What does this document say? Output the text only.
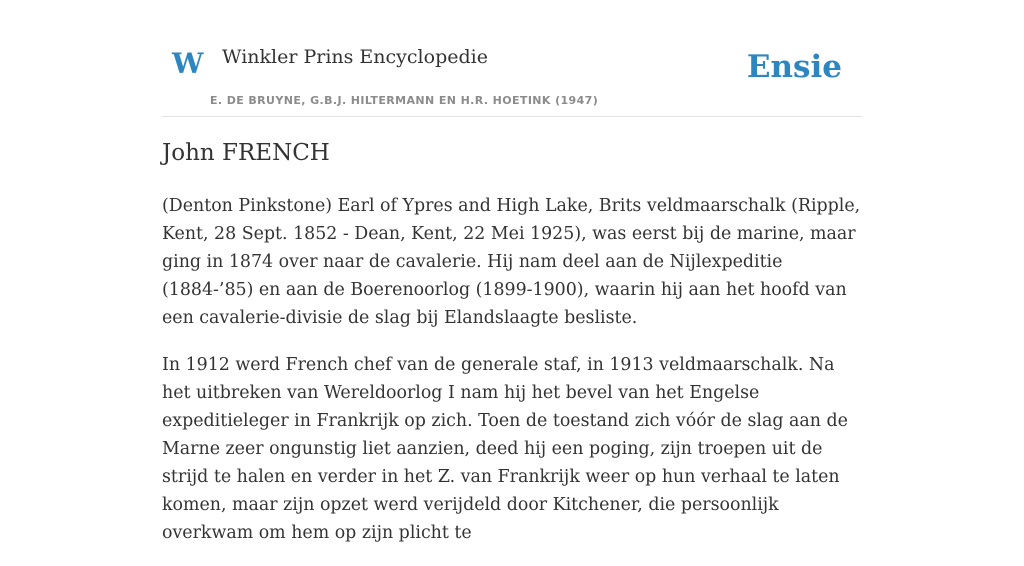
W Winkler Prins Encyclopedie
E. DE BRUYNE, G.B.J. HILTERMANN EN H.R. HOETINK (1947)
Ensie
John FRENCH

(Denton Pinkstone) Earl of Ypres and High Lake, Brits veldmaarschalk (Ripple, Kent, 28 Sept. 1852 - Dean, Kent, 22 Mei 1925), was eerst bij de marine, maar ging in 1874 over naar de cavalerie. Hij nam deel aan de Nijlexpeditie (1884-’85) en aan de Boerenoorlog (1899-1900), waarin hij aan het hoofd van een cavalerie-divisie de slag bij Elandslaagte besliste.

In 1912 werd French chef van de generale staf, in 1913 veldmaarschalk. Na het uitbreken van Wereldoorlog I nam hij het bevel van het Engelse expeditieleger in Frankrijk op zich. Toen de toestand zich vóór de slag aan de Marne zeer ongunstig liet aanzien, deed hij een poging, zijn troepen uit de strijd te halen en verder in het Z. van Frankrijk weer op hun verhaal te laten komen, maar zijn opzet werd verijdeld door Kitchener, die persoonlijk overkwam om hem op zijn plicht te
